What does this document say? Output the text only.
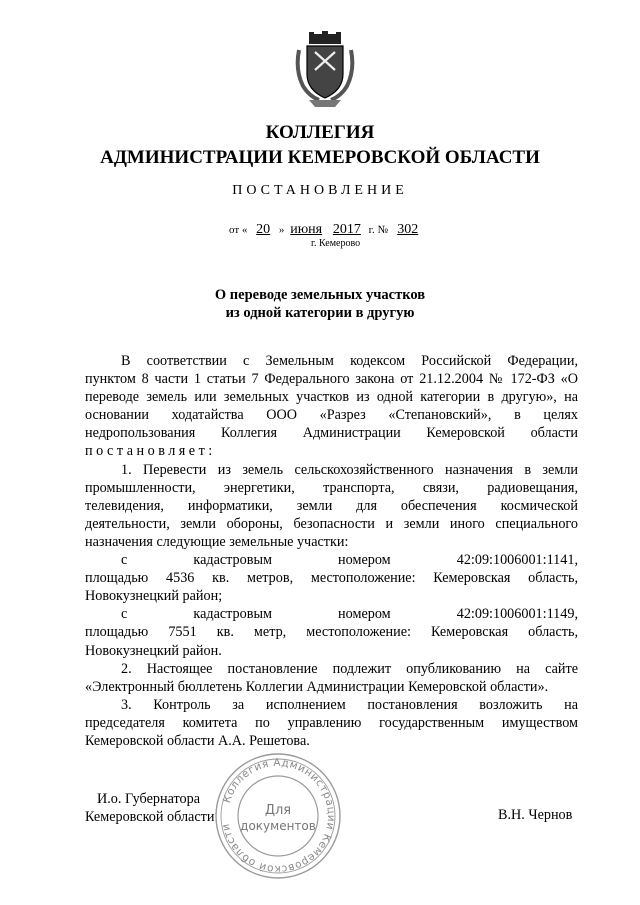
КОЛЛЕГИЯ
АДМИНИСТРАЦИИ КЕМЕРОВСКОЙ ОБЛАСТИ
ПОСТАНОВЛЕНИЕ
от « 20 » июня 2017 г. № 302
г. Кемерово
О переводе земельных участков
из одной категории в другую

В соответствии с Земельным кодексом Российской Федерации,

пунктом 8 части 1 статьи 7 Федерального закона от 21.12.2004 № 172-ФЗ «О

переводе земель или земельных участков из одной категории в другую», на

основании ходатайства ООО «Разрез «Степановский», в целях

недропользования Коллегия Администрации Кемеровской области

постановляет:

1. Перевести из земель сельскохозяйственного назначения в земли

промышленности, энергетики, транспорта, связи, радиовещания,

телевидения, информатики, земли для обеспечения космической

деятельности, земли обороны, безопасности и земли иного специального

назначения следующие земельные участки:

с кадастровым номером 42:09:1006001:1141,

площадью 4536 кв. метров, местоположение: Кемеровская область,

Новокузнецкий район;

с кадастровым номером 42:09:1006001:1149,

площадью 7551 кв. метр, местоположение: Кемеровская область,

Новокузнецкий район.

2. Настоящее постановление подлежит опубликованию на сайте

«Электронный бюллетень Коллегии Администрации Кемеровской области».

3. Контроль за исполнением постановления возложить на

председателя комитета по управлению государственным имуществом

Кемеровской области А.А. Решетова.

И.о. Губернатора
Кемеровской области	В.Н. Чернов
Коллегия Администрации Кемеровской области
Для
документов
